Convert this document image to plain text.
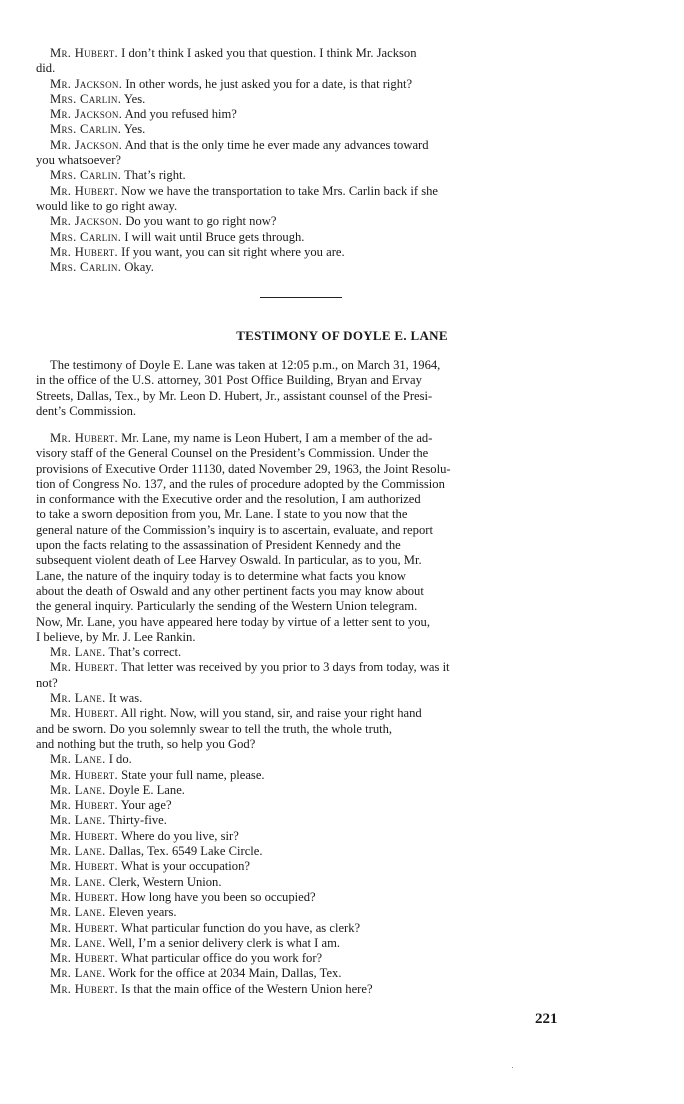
Mr. Hubert. I don’t think I asked you that question. I think Mr. Jackson
did.
Mr. Jackson. In other words, he just asked you for a date, is that right?
Mrs. Carlin. Yes.
Mr. Jackson. And you refused him?
Mrs. Carlin. Yes.
Mr. Jackson. And that is the only time he ever made any advances toward
you whatsoever?
Mrs. Carlin. That’s right.
Mr. Hubert. Now we have the transportation to take Mrs. Carlin back if she
would like to go right away.
Mr. Jackson. Do you want to go right now?
Mrs. Carlin. I will wait until Bruce gets through.
Mr. Hubert. If you want, you can sit right where you are.
Mrs. Carlin. Okay.
TESTIMONY OF DOYLE E. LANE
The testimony of Doyle E. Lane was taken at 12:05 p.m., on March 31, 1964,
in the office of the U.S. attorney, 301 Post Office Building, Bryan and Ervay
Streets, Dallas, Tex., by Mr. Leon D. Hubert, Jr., assistant counsel of the Presi-
dent’s Commission.
Mr. Hubert. Mr. Lane, my name is Leon Hubert, I am a member of the ad-
visory staff of the General Counsel on the President’s Commission. Under the
provisions of Executive Order 11130, dated November 29, 1963, the Joint Resolu-
tion of Congress No. 137, and the rules of procedure adopted by the Commission
in conformance with the Executive order and the resolution, I am authorized
to take a sworn deposition from you, Mr. Lane. I state to you now that the
general nature of the Commission’s inquiry is to ascertain, evaluate, and report
upon the facts relating to the assassination of President Kennedy and the
subsequent violent death of Lee Harvey Oswald. In particular, as to you, Mr.
Lane, the nature of the inquiry today is to determine what facts you know
about the death of Oswald and any other pertinent facts you may know about
the general inquiry. Particularly the sending of the Western Union telegram.
Now, Mr. Lane, you have appeared here today by virtue of a letter sent to you,
I believe, by Mr. J. Lee Rankin.
Mr. Lane. That’s correct.
Mr. Hubert. That letter was received by you prior to 3 days from today, was it
not?
Mr. Lane. It was.
Mr. Hubert. All right. Now, will you stand, sir, and raise your right hand
and be sworn. Do you solemnly swear to tell the truth, the whole truth,
and nothing but the truth, so help you God?
Mr. Lane. I do.
Mr. Hubert. State your full name, please.
Mr. Lane. Doyle E. Lane.
Mr. Hubert. Your age?
Mr. Lane. Thirty-five.
Mr. Hubert. Where do you live, sir?
Mr. Lane. Dallas, Tex. 6549 Lake Circle.
Mr. Hubert. What is your occupation?
Mr. Lane. Clerk, Western Union.
Mr. Hubert. How long have you been so occupied?
Mr. Lane. Eleven years.
Mr. Hubert. What particular function do you have, as clerk?
Mr. Lane. Well, I’m a senior delivery clerk is what I am.
Mr. Hubert. What particular office do you work for?
Mr. Lane. Work for the office at 2034 Main, Dallas, Tex.
Mr. Hubert. Is that the main office of the Western Union here?
221
